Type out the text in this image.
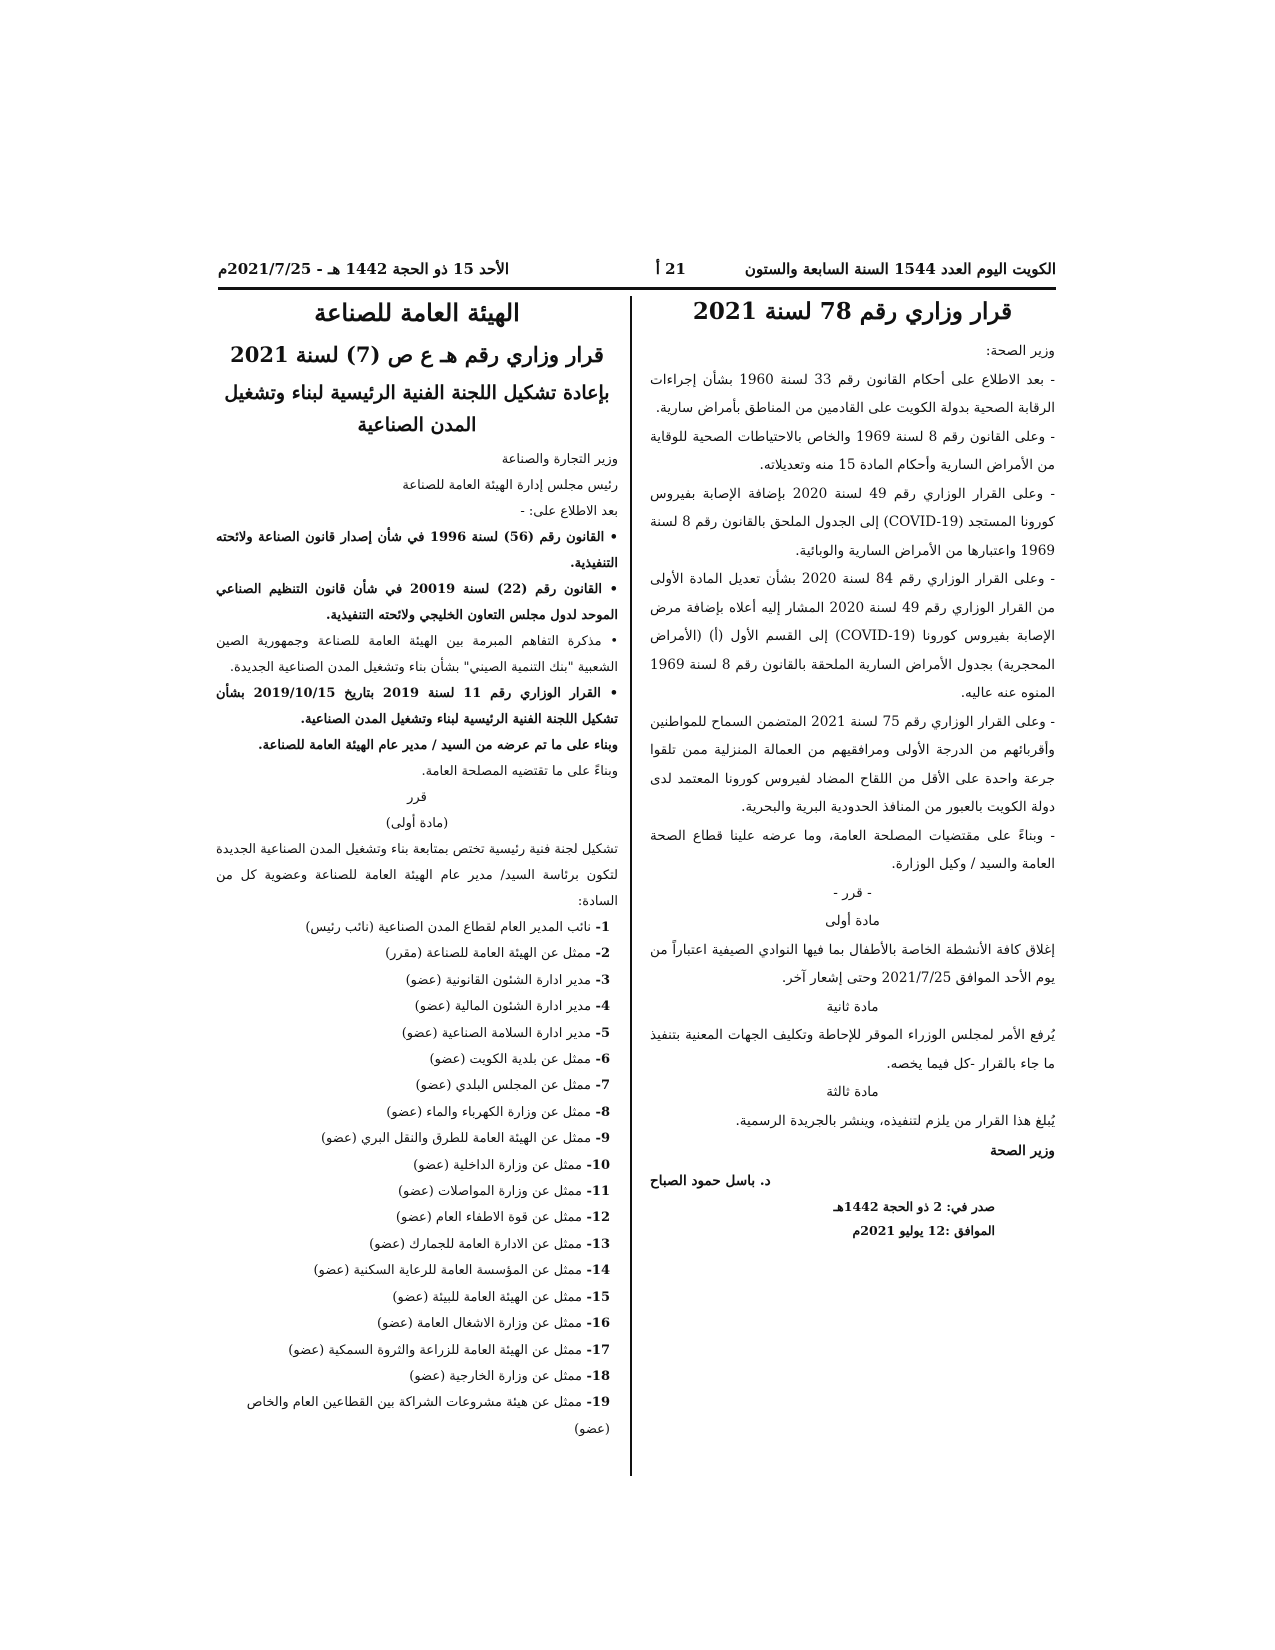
الكويت اليوم العدد 1544 السنة السابعة والستون
21 أ
الأحد 15 ذو الحجة 1442 هـ - 2021/7/25م
قرار وزاري رقم 78 لسنة 2021

وزير الصحة:

- بعد الاطلاع على أحكام القانون رقم 33 لسنة 1960 بشأن إجراءات الرقابة الصحية بدولة الكويت على القادمين من المناطق بأمراض سارية.

- وعلى القانون رقم 8 لسنة 1969 والخاص بالاحتياطات الصحية للوقاية من الأمراض السارية وأحكام المادة 15 منه وتعديلاته.

- وعلى القرار الوزاري رقم 49 لسنة 2020 بإضافة الإصابة بفيروس كورونا المستجد (COVID-19) إلى الجدول الملحق بالقانون رقم 8 لسنة 1969 واعتبارها من الأمراض السارية والوبائية.

- وعلى القرار الوزاري رقم 84 لسنة 2020 بشأن تعديل المادة الأولى من القرار الوزاري رقم 49 لسنة 2020 المشار إليه أعلاه بإضافة مرض الإصابة بفيروس كورونا (COVID-19) إلى القسم الأول (أ) (الأمراض المحجرية) بجدول الأمراض السارية الملحقة بالقانون رقم 8 لسنة 1969 المنوه عنه عاليه.

- وعلى القرار الوزاري رقم 75 لسنة 2021 المتضمن السماح للمواطنين وأقربائهم من الدرجة الأولى ومرافقيهم من العمالة المنزلية ممن تلقوا جرعة واحدة على الأقل من اللقاح المضاد لفيروس كورونا المعتمد لدى دولة الكويت بالعبور من المنافذ الحدودية البرية والبحرية.

- وبناءً على مقتضيات المصلحة العامة، وما عرضه علينا قطاع الصحة العامة والسيد / وكيل الوزارة.

- قرر -

مادة أولى

إغلاق كافة الأنشطة الخاصة بالأطفال بما فيها النوادي الصيفية اعتباراً من يوم الأحد الموافق 2021/7/25 وحتى إشعار آخر.

مادة ثانية

يُرفع الأمر لمجلس الوزراء الموقر للإحاطة وتكليف الجهات المعنية بتنفيذ ما جاء بالقرار -كل فيما يخصه.

مادة ثالثة

يُبلغ هذا القرار من يلزم لتنفيذه، وينشر بالجريدة الرسمية.

وزير الصحة

د. باسل حمود الصباح

صدر في: 2 ذو الحجة 1442هـ
الموافق :12 يوليو 2021م
الهيئة العامة للصناعة
قرار وزاري رقم هـ ع ص (7) لسنة 2021
بإعادة تشكيل اللجنة الفنية الرئيسية لبناء وتشغيل المدن الصناعية

وزير التجارة والصناعة

رئيس مجلس إدارة الهيئة العامة للصناعة

بعد الاطلاع على: -

• القانون رقم (56) لسنة 1996 في شأن إصدار قانون الصناعة ولائحته التنفيذية.

• القانون رقم (22) لسنة 20019 في شأن قانون التنظيم الصناعي الموحد لدول مجلس التعاون الخليجي ولائحته التنفيذية.

• مذكرة التفاهم المبرمة بين الهيئة العامة للصناعة وجمهورية الصين الشعبية "بنك التنمية الصيني" بشأن بناء وتشغيل المدن الصناعية الجديدة.

• القرار الوزاري رقم 11 لسنة 2019 بتاريخ 2019/10/15 بشأن تشكيل اللجنة الفنية الرئيسية لبناء وتشغيل المدن الصناعية.

وبناء على ما تم عرضه من السيد / مدير عام الهيئة العامة للصناعة.

وبناءً على ما تقتضيه المصلحة العامة.

قرر

(مادة أولى)

تشكيل لجنة فنية رئيسية تختص بمتابعة بناء وتشغيل المدن الصناعية الجديدة لتكون برئاسة السيد/ مدير عام الهيئة العامة للصناعة وعضوية كل من السادة:

1- نائب المدير العام لقطاع المدن الصناعية (نائب رئيس)
2- ممثل عن الهيئة العامة للصناعة (مقرر)
3- مدير ادارة الشئون القانونية (عضو)
4- مدير ادارة الشئون المالية (عضو)
5- مدير ادارة السلامة الصناعية (عضو)
6- ممثل عن بلدية الكويت (عضو)
7- ممثل عن المجلس البلدي (عضو)
8- ممثل عن وزارة الكهرباء والماء (عضو)
9- ممثل عن الهيئة العامة للطرق والنقل البري (عضو)
10- ممثل عن وزارة الداخلية (عضو)
11- ممثل عن وزارة المواصلات (عضو)
12- ممثل عن قوة الاطفاء العام (عضو)
13- ممثل عن الادارة العامة للجمارك (عضو)
14- ممثل عن المؤسسة العامة للرعاية السكنية (عضو)
15- ممثل عن الهيئة العامة للبيئة (عضو)
16- ممثل عن وزارة الاشغال العامة (عضو)
17- ممثل عن الهيئة العامة للزراعة والثروة السمكية (عضو)
18- ممثل عن وزارة الخارجية (عضو)
19- ممثل عن هيئة مشروعات الشراكة بين القطاعين العام والخاص (عضو)
